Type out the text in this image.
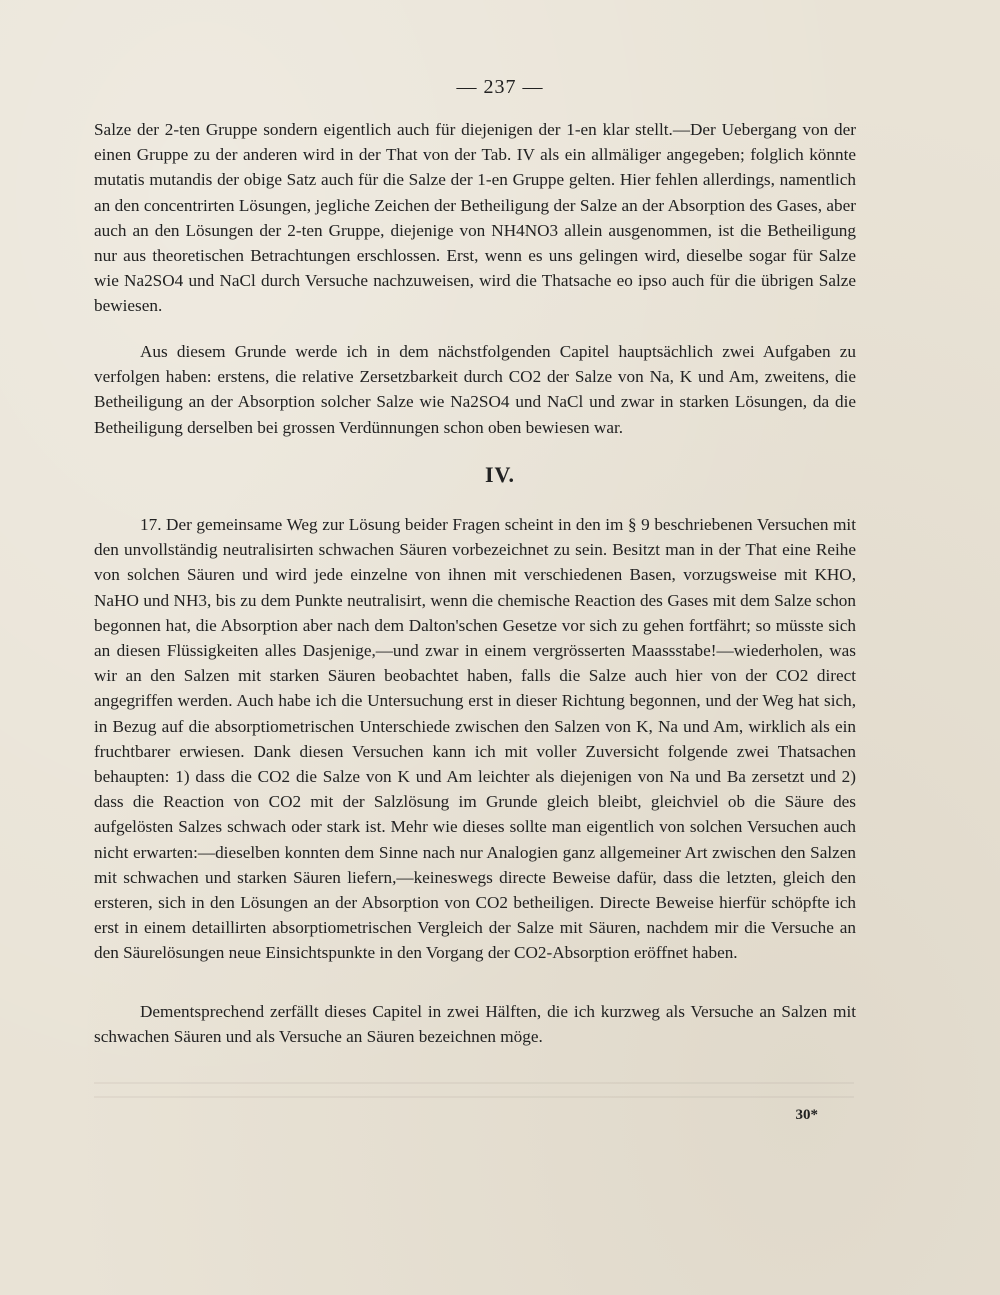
— 237 —

Salze der 2-ten Gruppe sondern eigentlich auch für diejenigen der 1-en klar stellt.—Der Uebergang von der einen Gruppe zu der anderen wird in der That von der Tab. IV als ein allmäliger angegeben; folglich könnte mutatis mutandis der obige Satz auch für die Salze der 1-en Gruppe gelten. Hier fehlen allerdings, namentlich an den concentrirten Lösungen, jegliche Zeichen der Betheiligung der Salze an der Absorption des Gases, aber auch an den Lösungen der 2-ten Gruppe, diejenige von NH4NO3 allein ausgenommen, ist die Betheiligung nur aus theoretischen Betrachtungen erschlossen. Erst, wenn es uns gelingen wird, dieselbe sogar für Salze wie Na2SO4 und NaCl durch Versuche nachzuweisen, wird die Thatsache eo ipso auch für die übrigen Salze bewiesen.

Aus diesem Grunde werde ich in dem nächstfolgenden Capitel hauptsächlich zwei Aufgaben zu verfolgen haben: erstens, die relative Zersetzbarkeit durch CO2 der Salze von Na, K und Am, zweitens, die Betheiligung an der Absorption solcher Salze wie Na2SO4 und NaCl und zwar in starken Lösungen, da die Betheiligung derselben bei grossen Verdünnungen schon oben bewiesen war.

IV.

17. Der gemeinsame Weg zur Lösung beider Fragen scheint in den im § 9 beschriebenen Versuchen mit den unvollständig neutralisirten schwachen Säuren vorbezeichnet zu sein. Besitzt man in der That eine Reihe von solchen Säuren und wird jede einzelne von ihnen mit verschiedenen Basen, vorzugsweise mit KHO, NaHO und NH3, bis zu dem Punkte neutralisirt, wenn die chemische Reaction des Gases mit dem Salze schon begonnen hat, die Absorption aber nach dem Dalton'schen Gesetze vor sich zu gehen fortfährt; so müsste sich an diesen Flüssigkeiten alles Dasjenige,—und zwar in einem vergrösserten Maassstabe!—wiederholen, was wir an den Salzen mit starken Säuren beobachtet haben, falls die Salze auch hier von der CO2 direct angegriffen werden. Auch habe ich die Untersuchung erst in dieser Richtung begonnen, und der Weg hat sich, in Bezug auf die absorptiometrischen Unterschiede zwischen den Salzen von K, Na und Am, wirklich als ein fruchtbarer erwiesen. Dank diesen Versuchen kann ich mit voller Zuversicht folgende zwei Thatsachen behaupten: 1) dass die CO2 die Salze von K und Am leichter als diejenigen von Na und Ba zersetzt und 2) dass die Reaction von CO2 mit der Salzlösung im Grunde gleich bleibt, gleichviel ob die Säure des aufgelösten Salzes schwach oder stark ist. Mehr wie dieses sollte man eigentlich von solchen Versuchen auch nicht erwarten:—dieselben konnten dem Sinne nach nur Analogien ganz allgemeiner Art zwischen den Salzen mit schwachen und starken Säuren liefern,—keineswegs directe Beweise dafür, dass die letzten, gleich den ersteren, sich in den Lösungen an der Absorption von CO2 betheiligen. Directe Beweise hierfür schöpfte ich erst in einem detaillirten absorptiometrischen Vergleich der Salze mit Säuren, nachdem mir die Versuche an den Säurelösungen neue Einsichtspunkte in den Vorgang der CO2-Absorption eröffnet haben.

Dementsprechend zerfällt dieses Capitel in zwei Hälften, die ich kurzweg als Versuche an Salzen mit schwachen Säuren und als Versuche an Säuren bezeichnen möge.

30*
